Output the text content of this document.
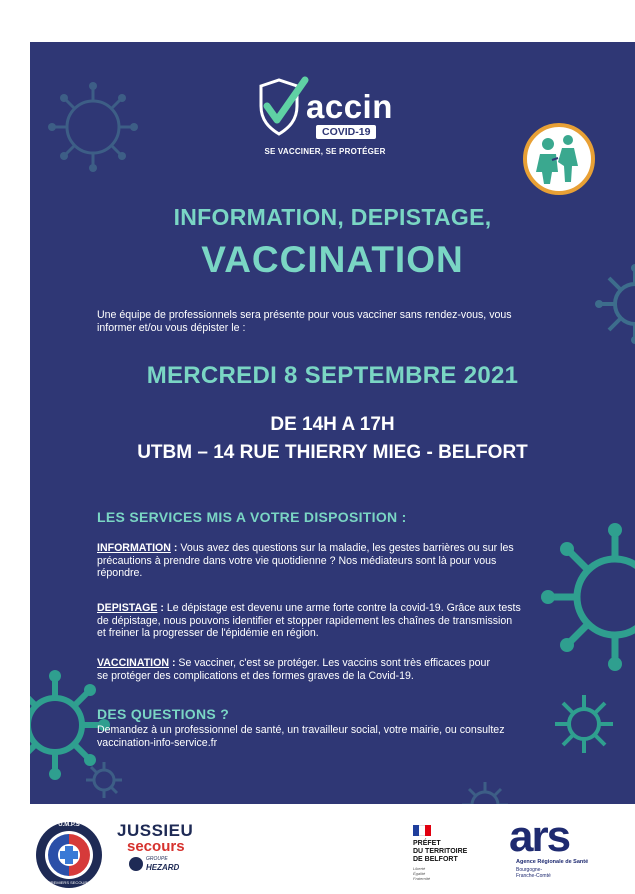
accin
COVID-19
SE VACCINER, SE PROTÉGER
INFORMATION, DEPISTAGE,
VACCINATION
Une équipe de professionnels sera présente pour vous vacciner sans rendez-vous, vous
informer et/ou vous dépister le :
MERCREDI 8 SEPTEMBRE 2021
DE 14H A 17H
UTBM – 14 RUE THIERRY MIEG - BELFORT
LES SERVICES MIS A VOTRE DISPOSITION :
INFORMATION : Vous avez des questions sur la maladie, les gestes barrières ou sur les
précautions à prendre dans votre vie quotidienne ? Nos médiateurs sont là pour vous
répondre.
DEPISTAGE : Le dépistage est devenu une arme forte contre la covid-19. Grâce aux tests
de dépistage, nous pouvons identifier et stopper rapidement les chaînes de transmission
et freiner la progresser de l'épidémie en région.
VACCINATION : Se vacciner, c'est se protéger. Les vaccins sont très efficaces pour
se protéger des complications et des formes graves de la Covid-19.
DES QUESTIONS ?
Demandez à un professionnel de santé, un travailleur social, votre mairie, ou consultez
vaccination-info-service.fr
U.M.P.S
PREMIERS SECOURS
JUSSIEU
secours
GROUPE
HEZARD
PRÉFET
DU TERRITOIRE
DE BELFORT
Liberté
Égalité
Fraternité
ars
Agence Régionale de Santé
Bourgogne-
Franche-Comté
